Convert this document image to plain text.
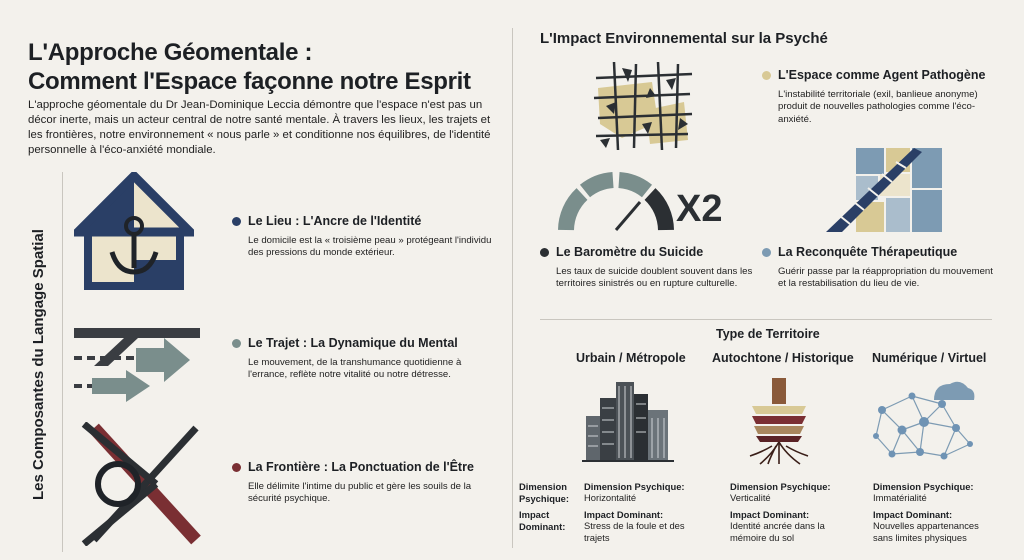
L'Approche Géomentale :
Comment l'Espace façonne notre Esprit
L'approche géomentale du Dr Jean-Dominique Leccia démontre que l'espace n'est pas un décor inerte, mais un acteur central de notre santé mentale. À travers les lieux, les trajets et les frontières, notre environnement « nous parle » et conditionne nos équilibres, de l'identité personnelle à l'éco-anxiété mondiale.
Les Composantes du Langage Spatial
Le Lieu : L'Ancre de l'Identité
Le domicile est la « troisième peau » protégeant l'individu des pressions du monde extérieur.
Le Trajet : La Dynamique du Mental
Le mouvement, de la transhumance quotidienne à l'errance, reflète notre vitalité ou notre détresse.
La Frontière : La Ponctuation de l'Être
Elle délimite l'intime du public et gère les souils de la sécurité psychique.
L'Impact Environnemental sur la Psyché
L'Espace comme Agent Pathogène
L'instabilité territoriale (exil, banlieue anonyme) produit de nouvelles pathologies comme l'éco-anxiété.
X2
Le Baromètre du Suicide
Les taux de suicide doublent souvent dans les territoires sinistrés ou en rupture culturelle.
La Reconquête Thérapeutique
Guérir passe par la réappropriation du mouvement et la restabilisation du lieu de vie.
Type de Territoire
Urbain / Métropole Autochtone / Historique Numérique / Virtuel
Dimension Psychique:
Impact Dominant:
Dimension Psychique:
Horizontalité
Impact Dominant:
Stress de la foule et des trajets
Dimension Psychique:
Verticalité
Impact Dominant:
Identité ancrée dans la mémoire du sol
Dimension Psychique:
Immatérialité
Impact Dominant:
Nouvelles appartenances sans limites physiques
